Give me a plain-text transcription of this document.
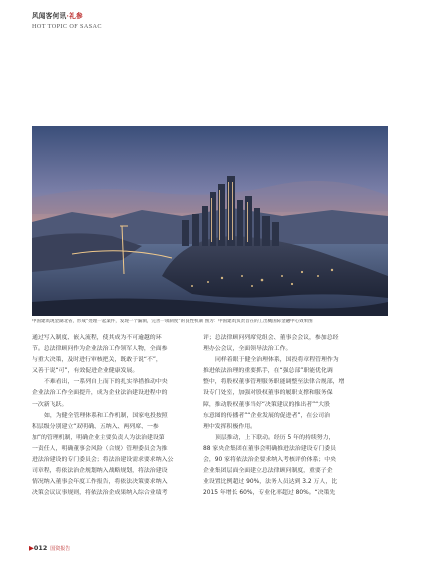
风闻客何讯·礼参
HOT TOPIC OF SASAC
中国建筑现金湖北省，形成“处理一起案件，发现一个漏洞，完善一项制度”的良性机制 图为：中国建筑负责旨在的工出概国际金融中心效果图

通过写入制度、嵌入流程，使其成为不可逾越的环
节。总法律顾问作为企业法治工作领军人物，全面参
与重大决策，及时进行审核把关，既敢于说“不”，
又善于说“可”，有效促进企业健康发展。

不难看出，一系列自上而下的扎实举措推动中央
企业法治工作全面提升，成为企业法治建设进程中的
一次新飞跃。

如，为健全管理体系和工作机制，国家电投按照
积层级分别建立“双明确、五纳入、两列席、一参
加”的管理机制，明确企业主要负责人为法治建设第
一责任人，明确董事会风险（合规）管理委员会为推
进法治建设的专门委员会；将法治建设需求要求纳入公
司章程，将依法治企规划纳入战略规划，将法治建设
情况纳入董事会年度工作报告，将依法决策要求纳入
决策会议议事规则，将依法治企成果纳入综合业绩考

评；总法律顾问列席党组会、董事会会议，参加总经
理办公会议，全面领导法治工作。

同样着眼于健全治理体系，国投将章程管理作为
推进依法治理的重要抓手，在“强总部”职能优化调
整中，将股权董事管理服务职能调整至法律合规部，增
设专门处室，加强对股权董事的履职支撑和服务保
障，推动股权董事当好“决策建议的推出者”“大股
东意图的传播者”“企业发展的促进者”，在公司治
理中发挥积极作用。

顶层推动，上下联动。经历 5 年的持续努力，
88 家央企集团在董事会明确推进法治建设专门委员
会，90 家将依法治企要求纳入考核评价体系；中央
企业集团层面全面建立总法律顾问制度，重要子企
业设置比例超过 90%，法务人员达到 3.2 万人，比
2015 年增长 60%，专业化率超过 80%。“决策先

▶012 国资报告
